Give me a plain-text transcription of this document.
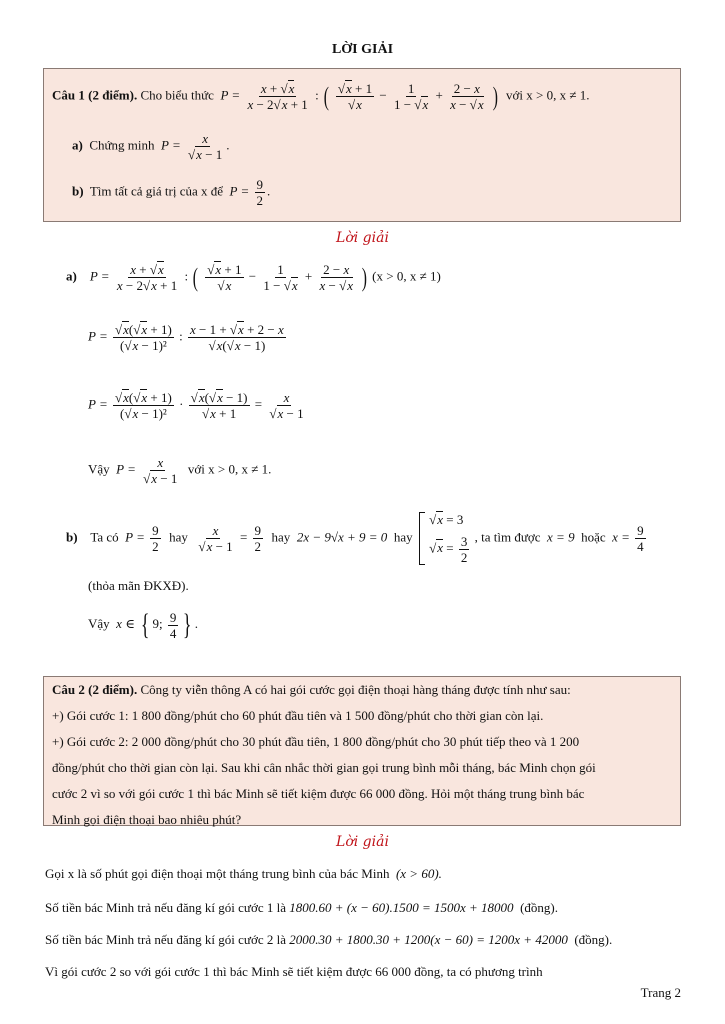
LỜI GIẢI
Câu 1 (2 điểm). Cho biểu thức  $P = \frac{x + √x}{x - 2√x + 1}$ : ( $\frac{√x + 1}{√x} - \frac{1}{1 - √x} + \frac{2 - x}{x - √x}$ ) với x > 0, x ≠ 1.
a) Chứng minh  $P = \frac{x}{√x - 1}$ .
b) Tìm tất cả giá trị của x để  $P = \frac{9}{2}$ .
Lời giải
a) $P = \frac{x + √x}{x - 2√x + 1}$ : ( $\frac{√x + 1}{√x} - \frac{1}{1 - √x} + \frac{2 - x}{x - √x}$ ) (x > 0, x ≠ 1)
$P = \frac{√x(√x + 1)}{\text{(√x − 1)²}}$ : $\frac{x - 1 + √x + 2 - x}{√x(√x - 1)}$
$P = \frac{√x(√x + 1)}{\text{(√x − 1)²}} \cdot \frac{√x(√x - 1)}{√x + 1} = \frac{x}{√x - 1}$
Vậy  $P = \frac{x}{√x - 1}$ với x > 0, x ≠ 1.
b) Ta có  $P = \frac{9}{2}$ hay $\frac{x}{√x - 1} = \frac{9}{2}$ hay 2x − 9√x + 9 = 0 hay
√x = 3
$√x = \frac{3}{2}$ , ta tìm được x = 9 hoặc  $x = \frac{9}{4}$
(thỏa mãn ĐKXĐ).
Vậy  x ∈ { 9; $\frac{9}{4}$ } .
Câu 2 (2 điểm). Công ty viễn thông A có hai gói cước gọi điện thoại hàng tháng được tính như sau:
+) Gói cước 1: 1 800 đồng/phút cho 60 phút đầu tiên và 1 500 đồng/phút cho thời gian còn lại.
+) Gói cước 2: 2 000 đồng/phút cho 30 phút đầu tiên, 1 800 đồng/phút cho 30 phút tiếp theo và 1 200
đồng/phút cho thời gian còn lại. Sau khi cân nhắc thời gian gọi trung bình mỗi tháng, bác Minh chọn gói
cước 2 vì so với gói cước 1 thì bác Minh sẽ tiết kiệm được 66 000 đồng. Hỏi một tháng trung bình bác
Minh gọi điện thoại bao nhiêu phút?
Lời giải
Gọi x là số phút gọi điện thoại một tháng trung bình của bác Minh (x > 60).
Số tiền bác Minh trả nếu đăng kí gói cước 1 là 1800.60 + (x − 60).1500 = 1500x + 18000 (đồng).
Số tiền bác Minh trả nếu đăng kí gói cước 2 là 2000.30 + 1800.30 + 1200(x − 60) = 1200x + 42000 (đồng).
Vì gói cước 2 so với gói cước 1 thì bác Minh sẽ tiết kiệm được 66 000 đồng, ta có phương trình
Trang 2
